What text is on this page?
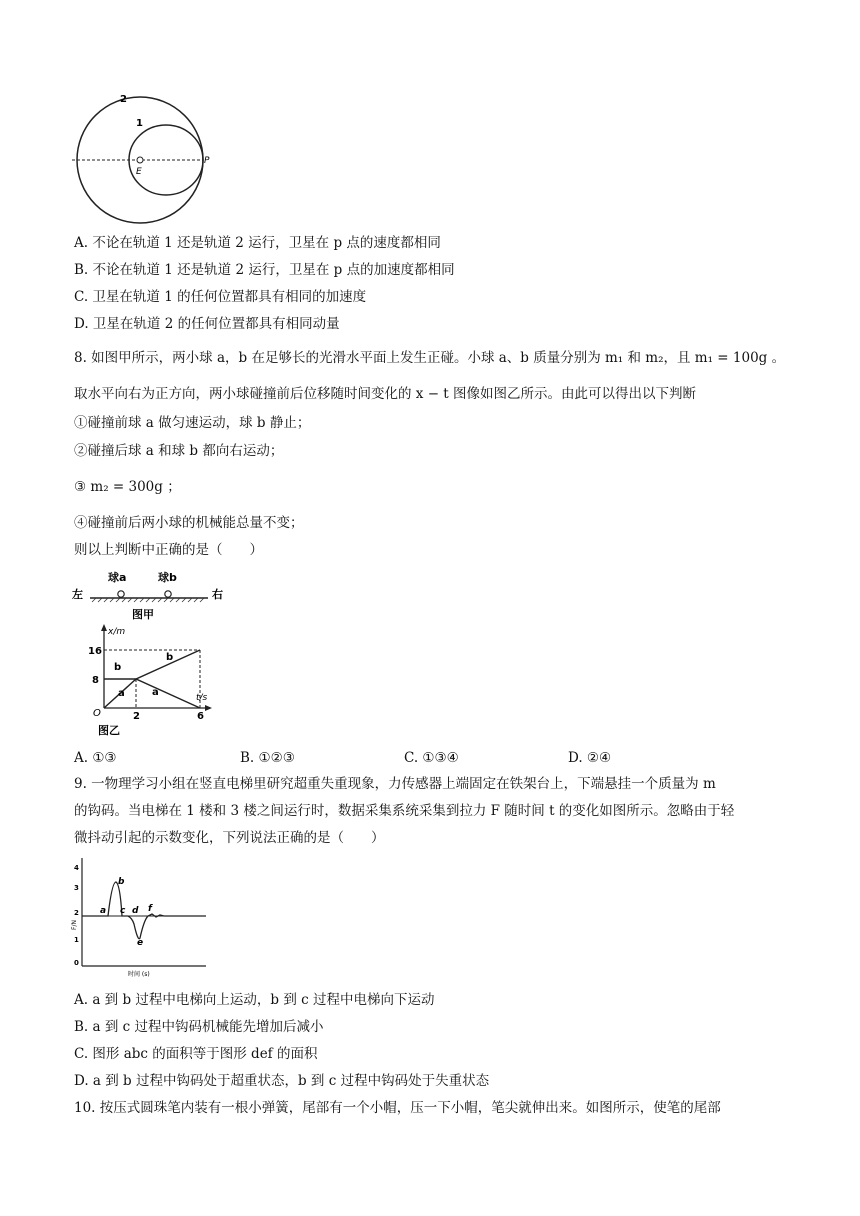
2
1
E
P
A. 不论在轨道 1 还是轨道 2 运行，卫星在 p 点的速度都相同
B. 不论在轨道 1 还是轨道 2 运行，卫星在 p 点的加速度都相同
C. 卫星在轨道 1 的任何位置都具有相同的加速度
D. 卫星在轨道 2 的任何位置都具有相同动量
8. 如图甲所示，两小球 a，b 在足够长的光滑水平面上发生正碰。小球 a、b 质量分别为 m₁ 和 m₂，且 m₁ = 100g 。
取水平向右为正方向，两小球碰撞前后位移随时间变化的 x − t 图像如图乙所示。由此可以得出以下判断
①碰撞前球 a 做匀速运动，球 b 静止；
②碰撞后球 a 和球 b 都向右运动；
③ m₂ = 300g ；
④碰撞前后两小球的机械能总量不变；
则以上判断中正确的是（　　）
球a	球b
左	右
图甲
x/m
t/s
O
16
8
2	6
b
b
a	a
图乙
A. ①③	B. ①②③	C. ①③④	D. ②④
9. 一物理学习小组在竖直电梯里研究超重失重现象，力传感器上端固定在铁架台上，下端悬挂一个质量为 m
的钩码。当电梯在 1 楼和 3 楼之间运行时，数据采集系统采集到拉力 F 随时间 t 的变化如图所示。忽略由于轻
微抖动引起的示数变化，下列说法正确的是（　　）
4
3
2
1
0
F/N
a
b
c d
e
f
时间 (s)
A. a 到 b 过程中电梯向上运动，b 到 c 过程中电梯向下运动
B. a 到 c 过程中钩码机械能先增加后减小
C. 图形 abc 的面积等于图形 def 的面积
D. a 到 b 过程中钩码处于超重状态，b 到 c 过程中钩码处于失重状态
10. 按压式圆珠笔内装有一根小弹簧，尾部有一个小帽，压一下小帽，笔尖就伸出来。如图所示，使笔的尾部
